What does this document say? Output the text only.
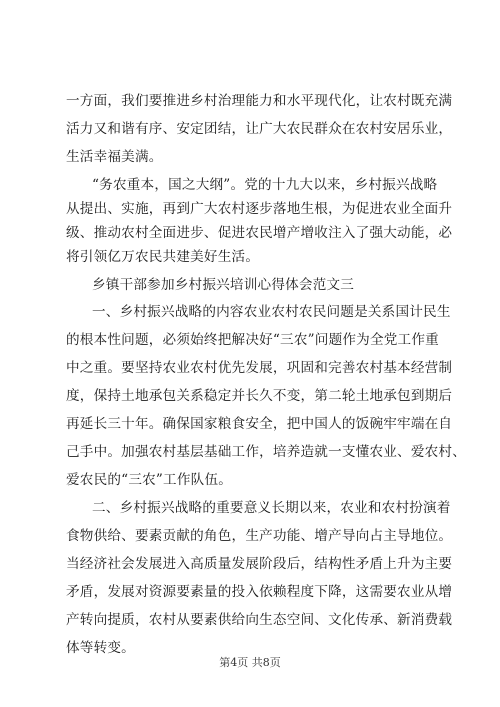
一方面，我们要推进乡村治理能力和水平现代化，让农村既充满
活力又和谐有序、安定团结，让广大农民群众在农村安居乐业，
生活幸福美满。
“务农重本，国之大纲”。党的十九大以来，乡村振兴战略
从提出、实施，再到广大农村逐步落地生根，为促进农业全面升
级、推动农村全面进步、促进农民增产增收注入了强大动能，必
将引领亿万农民共建美好生活。
乡镇干部参加乡村振兴培训心得体会范文三
一、乡村振兴战略的内容农业农村农民问题是关系国计民生
的根本性问题，必须始终把解决好“三农”问题作为全党工作重
中之重。要坚持农业农村优先发展，巩固和完善农村基本经营制
度，保持土地承包关系稳定并长久不变，第二轮土地承包到期后
再延长三十年。确保国家粮食安全，把中国人的饭碗牢牢端在自
己手中。加强农村基层基础工作，培养造就一支懂农业、爱农村、
爱农民的“三农”工作队伍。
二、乡村振兴战略的重要意义长期以来，农业和农村扮演着
食物供给、要素贡献的角色，生产功能、增产导向占主导地位。
当经济社会发展进入高质量发展阶段后，结构性矛盾上升为主要
矛盾，发展对资源要素量的投入依赖程度下降，这需要农业从增
产转向提质，农村从要素供给向生态空间、文化传承、新消费载
体等转变。
第4页 共8页
